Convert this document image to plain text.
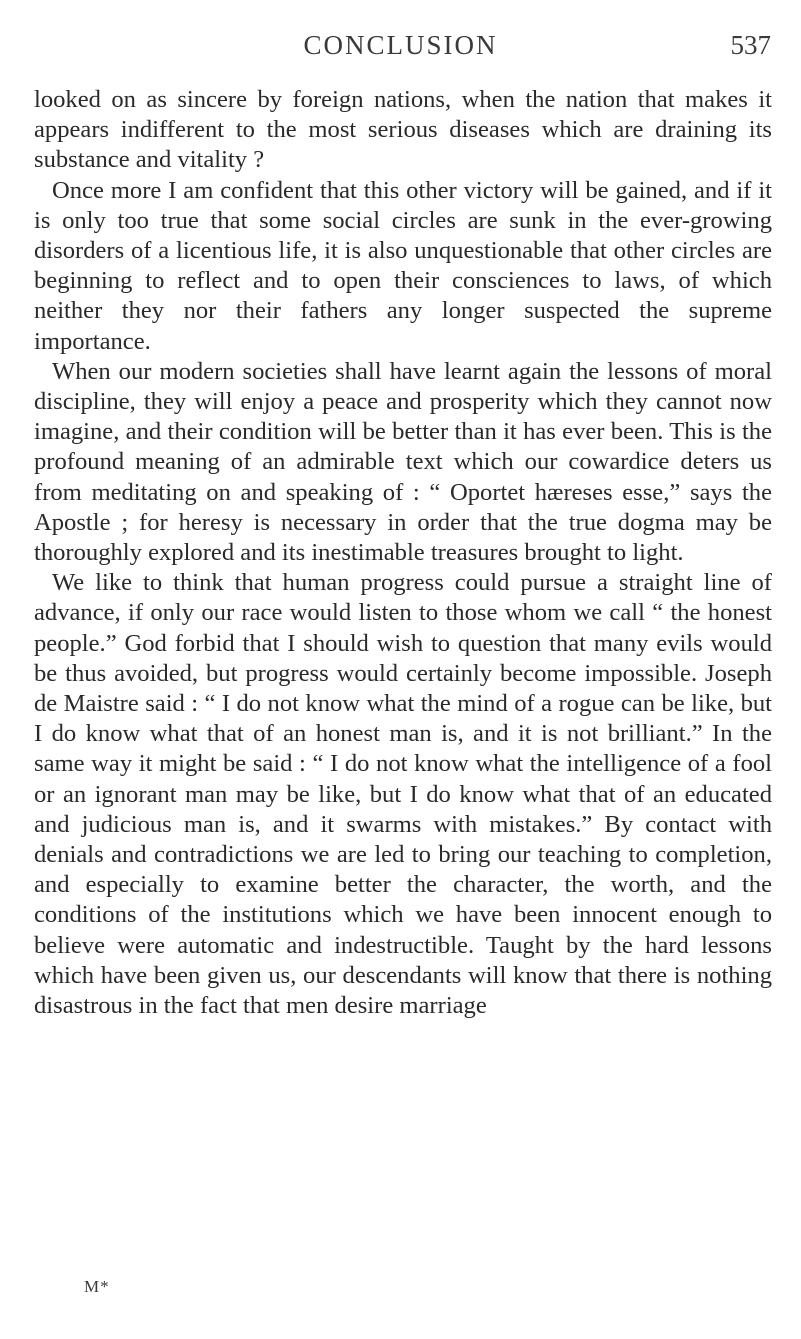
CONCLUSION	537

looked on as sincere by foreign nations, when the nation that makes it appears indifferent to the most serious diseases which are draining its substance and vitality ?

Once more I am confident that this other victory will be gained, and if it is only too true that some social circles are sunk in the ever-growing disorders of a licentious life, it is also unquestionable that other circles are beginning to reflect and to open their consciences to laws, of which neither they nor their fathers any longer suspected the supreme importance.

When our modern societies shall have learnt again the lessons of moral discipline, they will enjoy a peace and prosperity which they cannot now imagine, and their condition will be better than it has ever been. This is the profound meaning of an admirable text which our cowardice deters us from meditating on and speaking of : “ Oportet hæreses esse,” says the Apostle ; for heresy is necessary in order that the true dogma may be thoroughly explored and its inestimable treasures brought to light.

We like to think that human progress could pursue a straight line of advance, if only our race would listen to those whom we call “ the honest people.” God forbid that I should wish to question that many evils would be thus avoided, but progress would certainly become impossible. Joseph de Maistre said : “ I do not know what the mind of a rogue can be like, but I do know what that of an honest man is, and it is not brilliant.” In the same way it might be said : “ I do not know what the intelligence of a fool or an ignorant man may be like, but I do know what that of an educated and judicious man is, and it swarms with mistakes.” By contact with denials and contradictions we are led to bring our teaching to completion, and especially to examine better the character, the worth, and the conditions of the institutions which we have been innocent enough to believe were automatic and indestructible. Taught by the hard lessons which have been given us, our descendants will know that there is nothing disastrous in the fact that men desire marriage

M*
